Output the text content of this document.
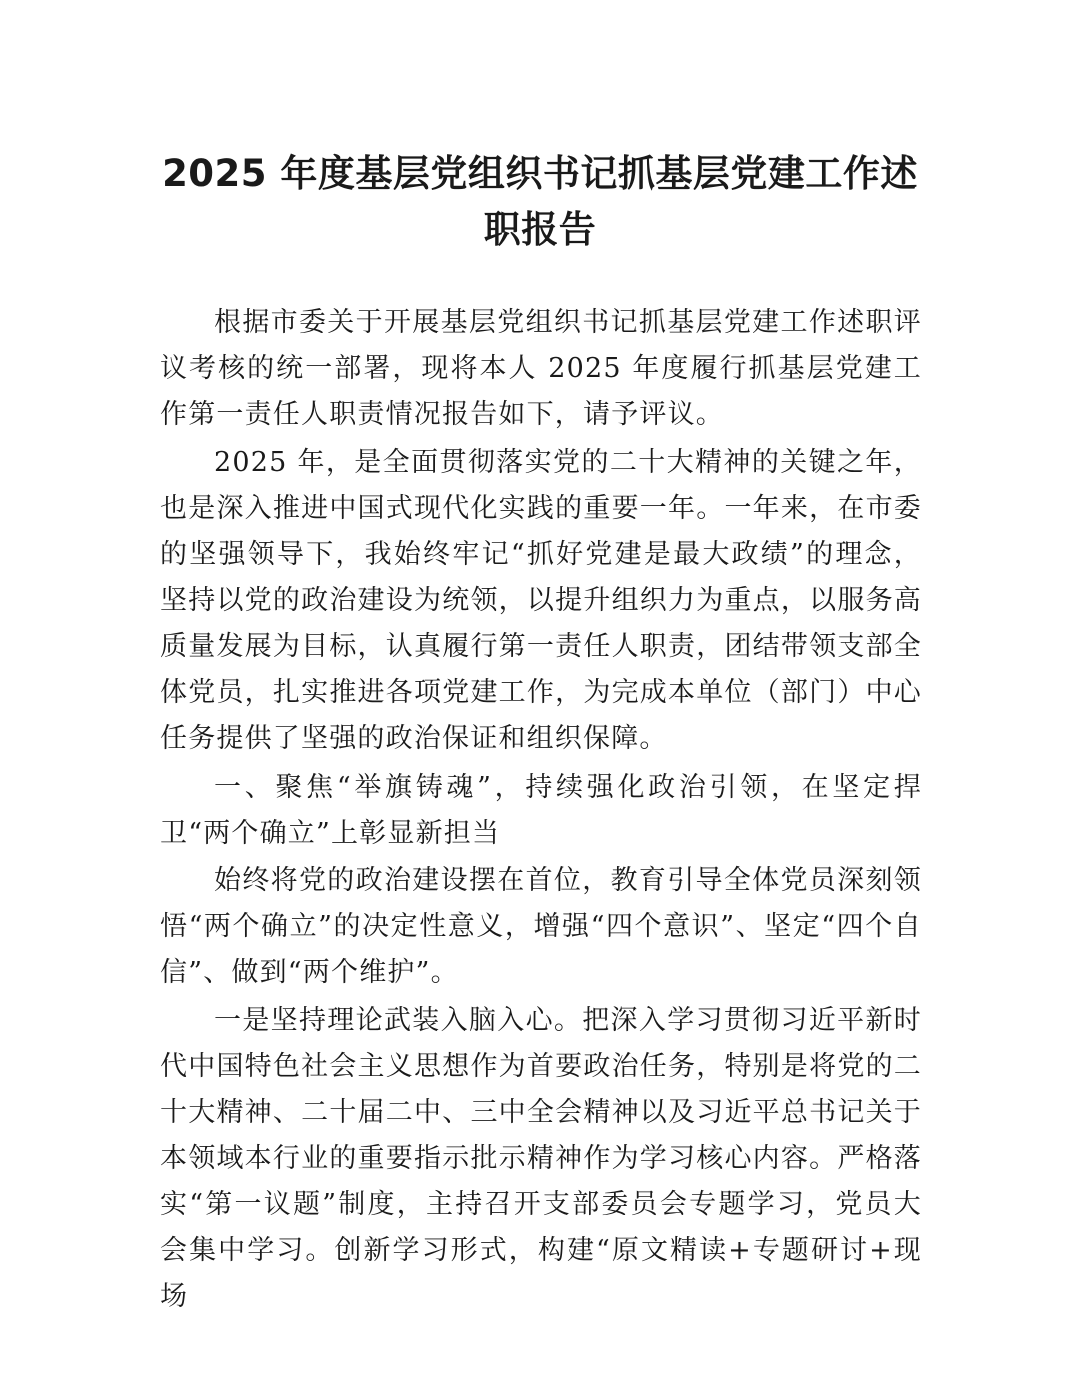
2025 年度基层党组织书记抓基层党建工作述
职报告
根据市委关于开展基层党组织书记抓基层党建工作述职评议考核的统一部署，现将本人 2025 年度履行抓基层党建工作第一责任人职责情况报告如下，请予评议。
2025 年，是全面贯彻落实党的二十大精神的关键之年，也是深入推进中国式现代化实践的重要一年。一年来，在市委的坚强领导下，我始终牢记“抓好党建是最大政绩”的理念，坚持以党的政治建设为统领，以提升组织力为重点，以服务高质量发展为目标，认真履行第一责任人职责，团结带领支部全体党员，扎实推进各项党建工作，为完成本单位（部门）中心任务提供了坚强的政治保证和组织保障。
一、聚焦“举旗铸魂”，持续强化政治引领，在坚定捍卫“两个确立”上彰显新担当
始终将党的政治建设摆在首位，教育引导全体党员深刻领悟“两个确立”的决定性意义，增强“四个意识”、坚定“四个自信”、做到“两个维护”。
一是坚持理论武装入脑入心。把深入学习贯彻习近平新时代中国特色社会主义思想作为首要政治任务，特别是将党的二十大精神、二十届二中、三中全会精神以及习近平总书记关于本领域本行业的重要指示批示精神作为学习核心内容。严格落实“第一议题”制度，主持召开支部委员会专题学习，党员大会集中学习。创新学习形式，构建“原文精读+专题研讨+现场
